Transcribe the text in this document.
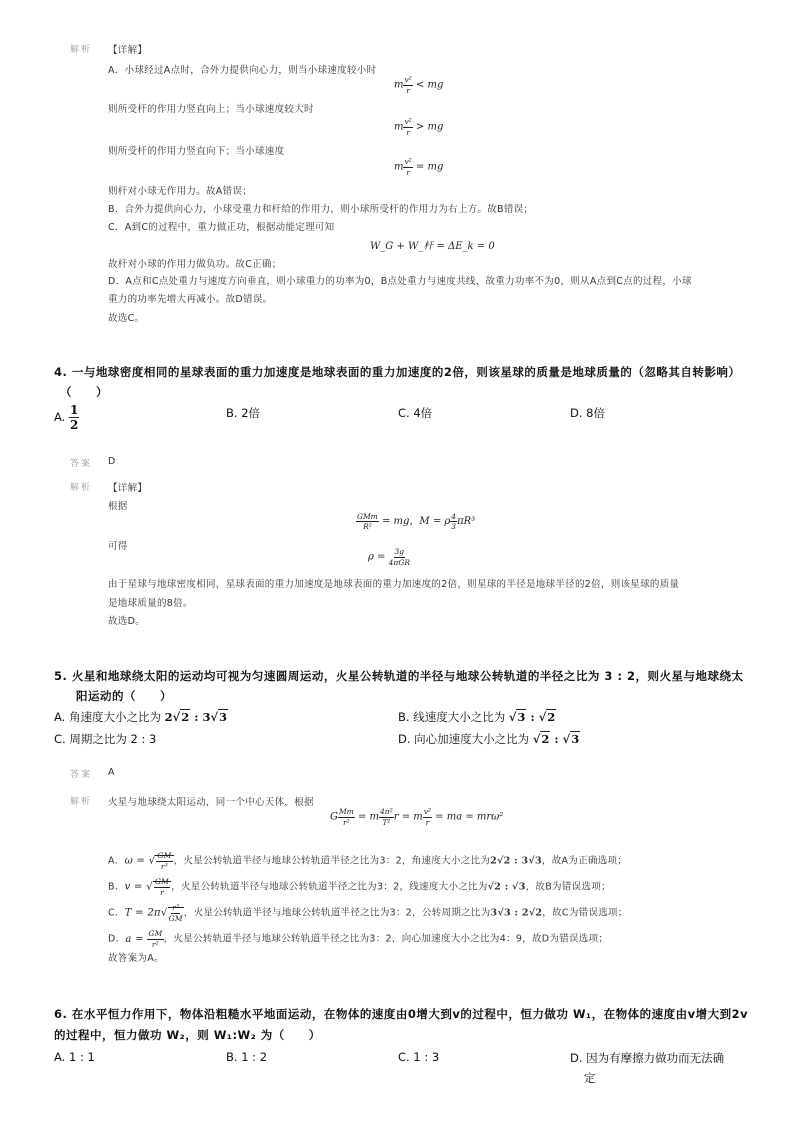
解析 【详解】
A．小球经过A点时，合外力提供向心力，则当小球速度较小时
m $\frac{\text{v²}}{r}$ < mg
则所受杆的作用力竖直向上；当小球速度较大时
m $\frac{\text{v²}}{r}$ > mg
则所受杆的作用力竖直向下；当小球速度
m $\frac{\text{v²}}{r}$ = mg
则杆对小球无作用力。故A错误；
B．合外力提供向心力，小球受重力和杆给的作用力，则小球所受杆的作用力为右上方。故B错误；
C．A到C的过程中，重力做正功，根据动能定理可知
W_G + W_杆 = ΔE_k = 0
故杆对小球的作用力做负功。故C正确；
D．A点和C点处重力与速度方向垂直，则小球重力的功率为0，B点处重力与速度共线，故重力功率不为0，则从A点到C点的过程，小球
重力的功率先增大再减小。故D错误。
故选C。
4. 一与地球密度相同的星球表面的重力加速度是地球表面的重力加速度的2倍，则该星球的质量是地球质量的（忽略其自转影响）
（　　）
A. $\frac{1}{2}$	B. 2倍	C. 4倍	D. 8倍
答案 D
解析 【详解】
根据
$\frac{\text{GMm}}{\text{R²}}$ = mg，M = ρ $\frac{4}{3} \pi R^3$
可得
$\rho = \frac{3g}{\text{4πGR}}$
由于星球与地球密度相同，星球表面的重力加速度是地球表面的重力加速度的2倍，则星球的半径是地球半径的2倍，则该星球的质量
是地球质量的8倍。
故选D。
5. 火星和地球绕太阳的运动均可视为匀速圆周运动，火星公转轨道的半径与地球公转轨道的半径之比为 3 : 2，则火星与地球绕太
阳运动的（　　）
A. 角速度大小之比为 2√2 : 3√3	B. 线速度大小之比为 √3 : √2
C. 周期之比为 2 : 3	D. 向心加速度大小之比为 √2 : √3
答案 A
解析 火星与地球绕太阳运动，同一个中心天体，根据
G $\frac{Mm}{\text{r²}} = m \frac{\text{4π²}}{\text{T²}}$ r = m $\frac{\text{v²}}{r}$ = ma = mrω²
A．ω = √ $\frac{GM}{\text{r³}}$ ，火星公转轨道半径与地球公转轨道半径之比为3：2，角速度大小之比为2√2 : 3√3，故A为正确选项；
B．v = √ $\frac{GM}{r}$ ，火星公转轨道半径与地球公转轨道半径之比为3：2，线速度大小之比为√2 : √3，故B为错误选项；
C．$T = 2\pi√ \frac{\text{r³}}{GM}$ ，火星公转轨道半径与地球公转轨道半径之比为3：2，公转周期之比为3√3 : 2√2，故C为错误选项；
D．$a = \frac{GM}{\text{r²}}$ ，火星公转轨道半径与地球公转轨道半径之比为3：2，向心加速度大小之比为4：9，故D为错误选项；
故答案为A。
6. 在水平恒力作用下，物体沿粗糙水平地面运动，在物体的速度由0增大到v的过程中，恒力做功 W₁，在物体的速度由v增大到2v
的过程中，恒力做功 W₂，则 W₁:W₂ 为（　　）
A. 1 : 1	B. 1 : 2	C. 1 : 3	D. 因为有摩擦力做功而无法确
定
